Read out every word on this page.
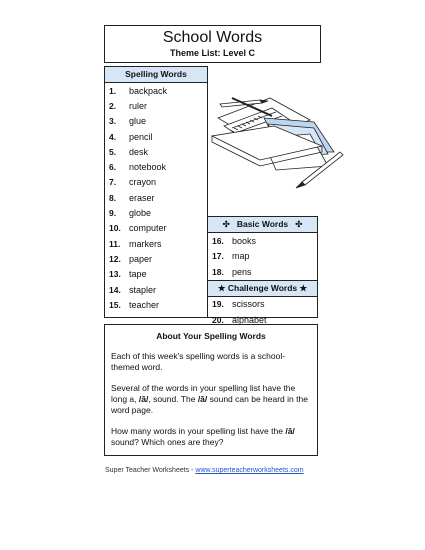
School Words
Theme List: Level C
Spelling Words
1.	backpack
2.	ruler
3.	glue
4.	pencil
5.	desk
6.	notebook
7.	crayon
8.	eraser
9.	globe
10. computer
11. markers
12. paper
13. tape
14. stapler
15. teacher
✣ Basic Words ✣
16. books
17. map
18. pens
★ Challenge Words ★
19. scissors
20. alphabet
About Your Spelling Words

Each of this week's spelling words is a school-themed word.

Several of the words in your spelling list have the long a, /ā/, sound. The /ā/ sound can be heard in the word page.

How many words in your spelling list have the /ā/ sound? Which ones are they?

Super Teacher Worksheets - www.superteacherworksheets.com
